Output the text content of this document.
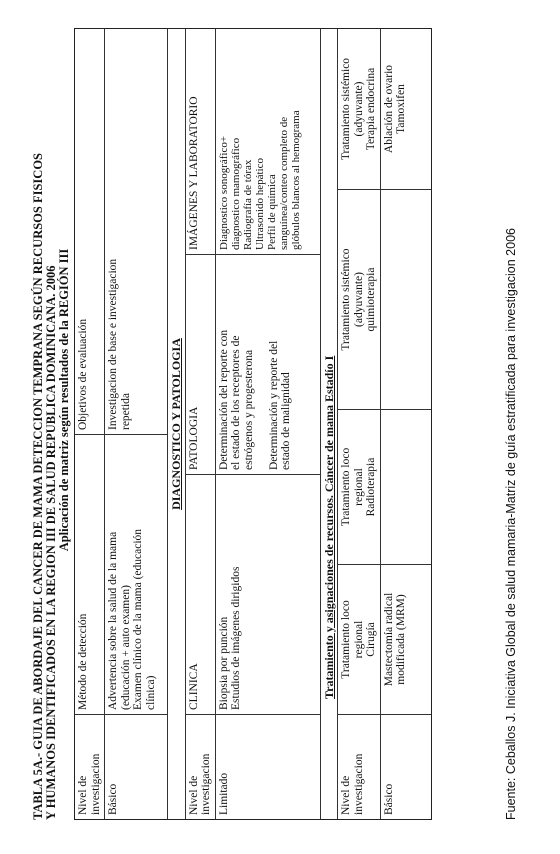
TABLA 5A.- GUIA DE ABORDAJE DEL CANCER DE MAMA DETECCION TEMPRANA SEGÚN RECURSOS FISICOS Y HUMANOS IDENTIFICADOS EN LA REGION III DE SALUD REPUBLICA DOMINICANA. 2006 Aplicación de matriz según resultados de la REGIÓN III
Nivel de investigacion
Método de detección
Objetivos de evaluación
Básico
Advertencia sobre la salud de la mama
(educación + auto examen)
Examen clínico de la mama (educación
clínica)
Investigacion de base e investigacion
repetida	DIAGNOSTICO Y PATOLOGIA
Nivel de investigacion
CLINICA
PATOLOGIA
IMÁGENES Y LABORATORIO
Limitado
Biopsia por punción
Estudios de imágenes dirigidos
Determinación del reporte con
el estado de los receptores de
estrógenos y progesterona

Determinación y reporte del
estado de malignidad
Diagnostico sonográfico+
diagnostico mamográfico
Radiografía de tórax
Ultrasonido hepático
Perfil de química
sanguínea/conteo completo de
glóbulos blancos al hemograma
Tratamiento y asignaciones de recursos. Cáncer de mama Estadío I
Nivel de investigacion
Tratamiento loco
regional
Cirugía
Tratamiento loco
regional
Radioterapia
Tratamiento sistémico
(adyuvante)
quimioterapia
Tratamiento sistémico
(adyuvante)
Terapia endocrina
Básico
Mastectomía radical
modificada (MRM)
Ablación de ovario
Tamoxifen
Fuente: Ceballos J. Iniciativa Global de salud mamaria-Matriz de guía estratificada para investigacion 2006
